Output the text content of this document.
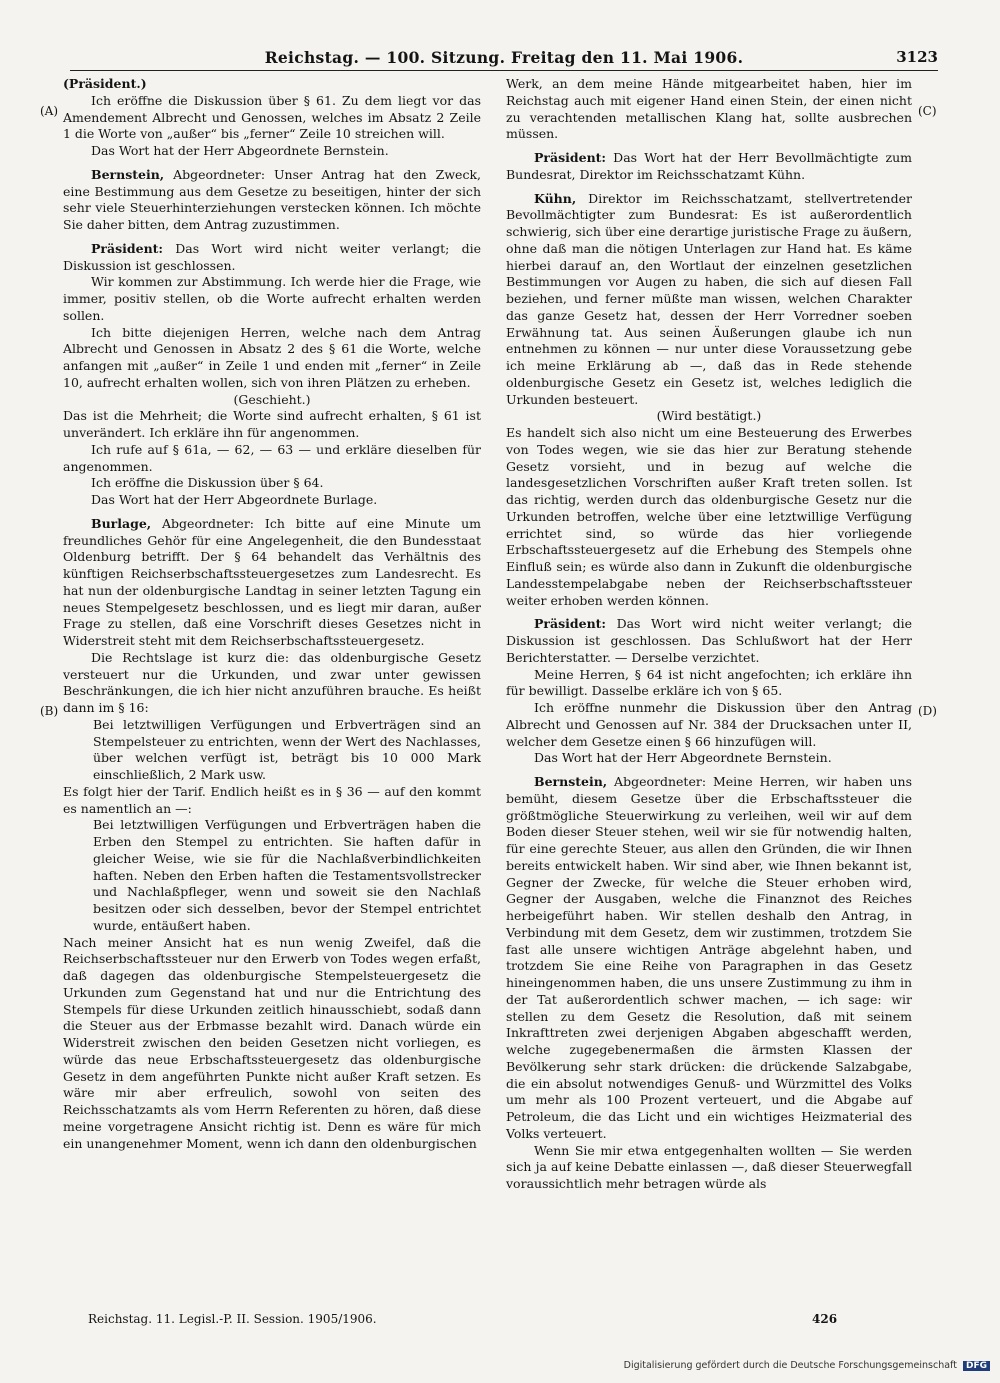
Reichstag. — 100. Sitzung. Freitag den 11. Mai 1906.	3123
(A)
(B)
(C)
(D)

(Präsident.)

Ich eröffne die Diskussion über § 61. Zu dem liegt vor das Amendement Albrecht und Genossen, welches im Absatz 2 Zeile 1 die Worte von „außer“ bis „ferner“ Zeile 10 streichen will.

Das Wort hat der Herr Abgeordnete Bernstein.

Bernstein, Abgeordneter: Unser Antrag hat den Zweck, eine Bestimmung aus dem Gesetze zu beseitigen, hinter der sich sehr viele Steuerhinterziehungen verstecken können. Ich möchte Sie daher bitten, dem Antrag zuzustimmen.

Präsident: Das Wort wird nicht weiter verlangt; die Diskussion ist geschlossen.

Wir kommen zur Abstimmung. Ich werde hier die Frage, wie immer, positiv stellen, ob die Worte aufrecht erhalten werden sollen.

Ich bitte diejenigen Herren, welche nach dem Antrag Albrecht und Genossen in Absatz 2 des § 61 die Worte, welche anfangen mit „außer“ in Zeile 1 und enden mit „ferner“ in Zeile 10, aufrecht erhalten wollen, sich von ihren Plätzen zu erheben.

(Geschieht.)

Das ist die Mehrheit; die Worte sind aufrecht erhalten, § 61 ist unverändert. Ich erkläre ihn für angenommen.

Ich rufe auf § 61a, — 62, — 63 — und erkläre dieselben für angenommen.

Ich eröffne die Diskussion über § 64.

Das Wort hat der Herr Abgeordnete Burlage.

Burlage, Abgeordneter: Ich bitte auf eine Minute um freundliches Gehör für eine Angelegenheit, die den Bundesstaat Oldenburg betrifft. Der § 64 behandelt das Verhältnis des künftigen Reichserbschaftssteuergesetzes zum Landesrecht. Es hat nun der oldenburgische Landtag in seiner letzten Tagung ein neues Stempelgesetz beschlossen, und es liegt mir daran, außer Frage zu stellen, daß eine Vorschrift dieses Gesetzes nicht in Widerstreit steht mit dem Reichserbschaftssteuergesetz.

Die Rechtslage ist kurz die: das oldenburgische Gesetz versteuert nur die Urkunden, und zwar unter gewissen Beschränkungen, die ich hier nicht anzuführen brauche. Es heißt dann im § 16:

Bei letztwilligen Verfügungen und Erbverträgen sind an Stempelsteuer zu entrichten, wenn der Wert des Nachlasses, über welchen verfügt ist, beträgt bis 10 000 Mark einschließlich, 2 Mark usw.

Es folgt hier der Tarif. Endlich heißt es in § 36 — auf den kommt es namentlich an —:

Bei letztwilligen Verfügungen und Erbverträgen haben die Erben den Stempel zu entrichten. Sie haften dafür in gleicher Weise, wie sie für die Nachlaßverbindlichkeiten haften. Neben den Erben haften die Testamentsvollstrecker und Nachlaßpfleger, wenn und soweit sie den Nachlaß besitzen oder sich desselben, bevor der Stempel entrichtet wurde, entäußert haben.

Nach meiner Ansicht hat es nun wenig Zweifel, daß die Reichserbschaftssteuer nur den Erwerb von Todes wegen erfaßt, daß dagegen das oldenburgische Stempelsteuergesetz die Urkunden zum Gegenstand hat und nur die Entrichtung des Stempels für diese Urkunden zeitlich hinausschiebt, sodaß dann die Steuer aus der Erbmasse bezahlt wird. Danach würde ein Widerstreit zwischen den beiden Gesetzen nicht vorliegen, es würde das neue Erbschaftssteuergesetz das oldenburgische Gesetz in dem angeführten Punkte nicht außer Kraft setzen. Es wäre mir aber erfreulich, sowohl von seiten des Reichsschatzamts als vom Herrn Referenten zu hören, daß diese meine vorgetragene Ansicht richtig ist. Denn es wäre für mich ein unangenehmer Moment, wenn ich dann den oldenburgischen

Werk, an dem meine Hände mitgearbeitet haben, hier im Reichstag auch mit eigener Hand einen Stein, der einen nicht zu verachtenden metallischen Klang hat, sollte ausbrechen müssen.

Präsident: Das Wort hat der Herr Bevollmächtigte zum Bundesrat, Direktor im Reichsschatzamt Kühn.

Kühn, Direktor im Reichsschatzamt, stellvertretender Bevollmächtigter zum Bundesrat: Es ist außerordentlich schwierig, sich über eine derartige juristische Frage zu äußern, ohne daß man die nötigen Unterlagen zur Hand hat. Es käme hierbei darauf an, den Wortlaut der einzelnen gesetzlichen Bestimmungen vor Augen zu haben, die sich auf diesen Fall beziehen, und ferner müßte man wissen, welchen Charakter das ganze Gesetz hat, dessen der Herr Vorredner soeben Erwähnung tat. Aus seinen Äußerungen glaube ich nun entnehmen zu können — nur unter diese Voraussetzung gebe ich meine Erklärung ab —, daß das in Rede stehende oldenburgische Gesetz ein Gesetz ist, welches lediglich die Urkunden besteuert.

(Wird bestätigt.)

Es handelt sich also nicht um eine Besteuerung des Erwerbes von Todes wegen, wie sie das hier zur Beratung stehende Gesetz vorsieht, und in bezug auf welche die landesgesetzlichen Vorschriften außer Kraft treten sollen. Ist das richtig, werden durch das oldenburgische Gesetz nur die Urkunden betroffen, welche über eine letztwillige Verfügung errichtet sind, so würde das hier vorliegende Erbschaftssteuergesetz auf die Erhebung des Stempels ohne Einfluß sein; es würde also dann in Zukunft die oldenburgische Landesstempelabgabe neben der Reichserbschaftssteuer weiter erhoben werden können.

Präsident: Das Wort wird nicht weiter verlangt; die Diskussion ist geschlossen. Das Schlußwort hat der Herr Berichterstatter. — Derselbe verzichtet.

Meine Herren, § 64 ist nicht angefochten; ich erkläre ihn für bewilligt. Dasselbe erkläre ich von § 65.

Ich eröffne nunmehr die Diskussion über den Antrag Albrecht und Genossen auf Nr. 384 der Drucksachen unter II, welcher dem Gesetze einen § 66 hinzufügen will.

Das Wort hat der Herr Abgeordnete Bernstein.

Bernstein, Abgeordneter: Meine Herren, wir haben uns bemüht, diesem Gesetze über die Erbschaftssteuer die größtmögliche Steuerwirkung zu verleihen, weil wir auf dem Boden dieser Steuer stehen, weil wir sie für notwendig halten, für eine gerechte Steuer, aus allen den Gründen, die wir Ihnen bereits entwickelt haben. Wir sind aber, wie Ihnen bekannt ist, Gegner der Zwecke, für welche die Steuer erhoben wird, Gegner der Ausgaben, welche die Finanznot des Reiches herbeigeführt haben. Wir stellen deshalb den Antrag, in Verbindung mit dem Gesetz, dem wir zustimmen, trotzdem Sie fast alle unsere wichtigen Anträge abgelehnt haben, und trotzdem Sie eine Reihe von Paragraphen in das Gesetz hineingenommen haben, die uns unsere Zustimmung zu ihm in der Tat außerordentlich schwer machen, — ich sage: wir stellen zu dem Gesetz die Resolution, daß mit seinem Inkrafttreten zwei derjenigen Abgaben abgeschafft werden, welche zugegebenermaßen die ärmsten Klassen der Bevölkerung sehr stark drücken: die drückende Salzabgabe, die ein absolut notwendiges Genuß- und Würzmittel des Volks um mehr als 100 Prozent verteuert, und die Abgabe auf Petroleum, die das Licht und ein wichtiges Heizmaterial des Volks verteuert.

Wenn Sie mir etwa entgegenhalten wollten — Sie werden sich ja auf keine Debatte einlassen —, daß dieser Steuerwegfall voraussichtlich mehr betragen würde als

Reichstag. 11. Legisl.-P. II. Session. 1905/1906.	426
Digitalisierung gefördert durch die Deutsche Forschungsgemeinschaft DFG
